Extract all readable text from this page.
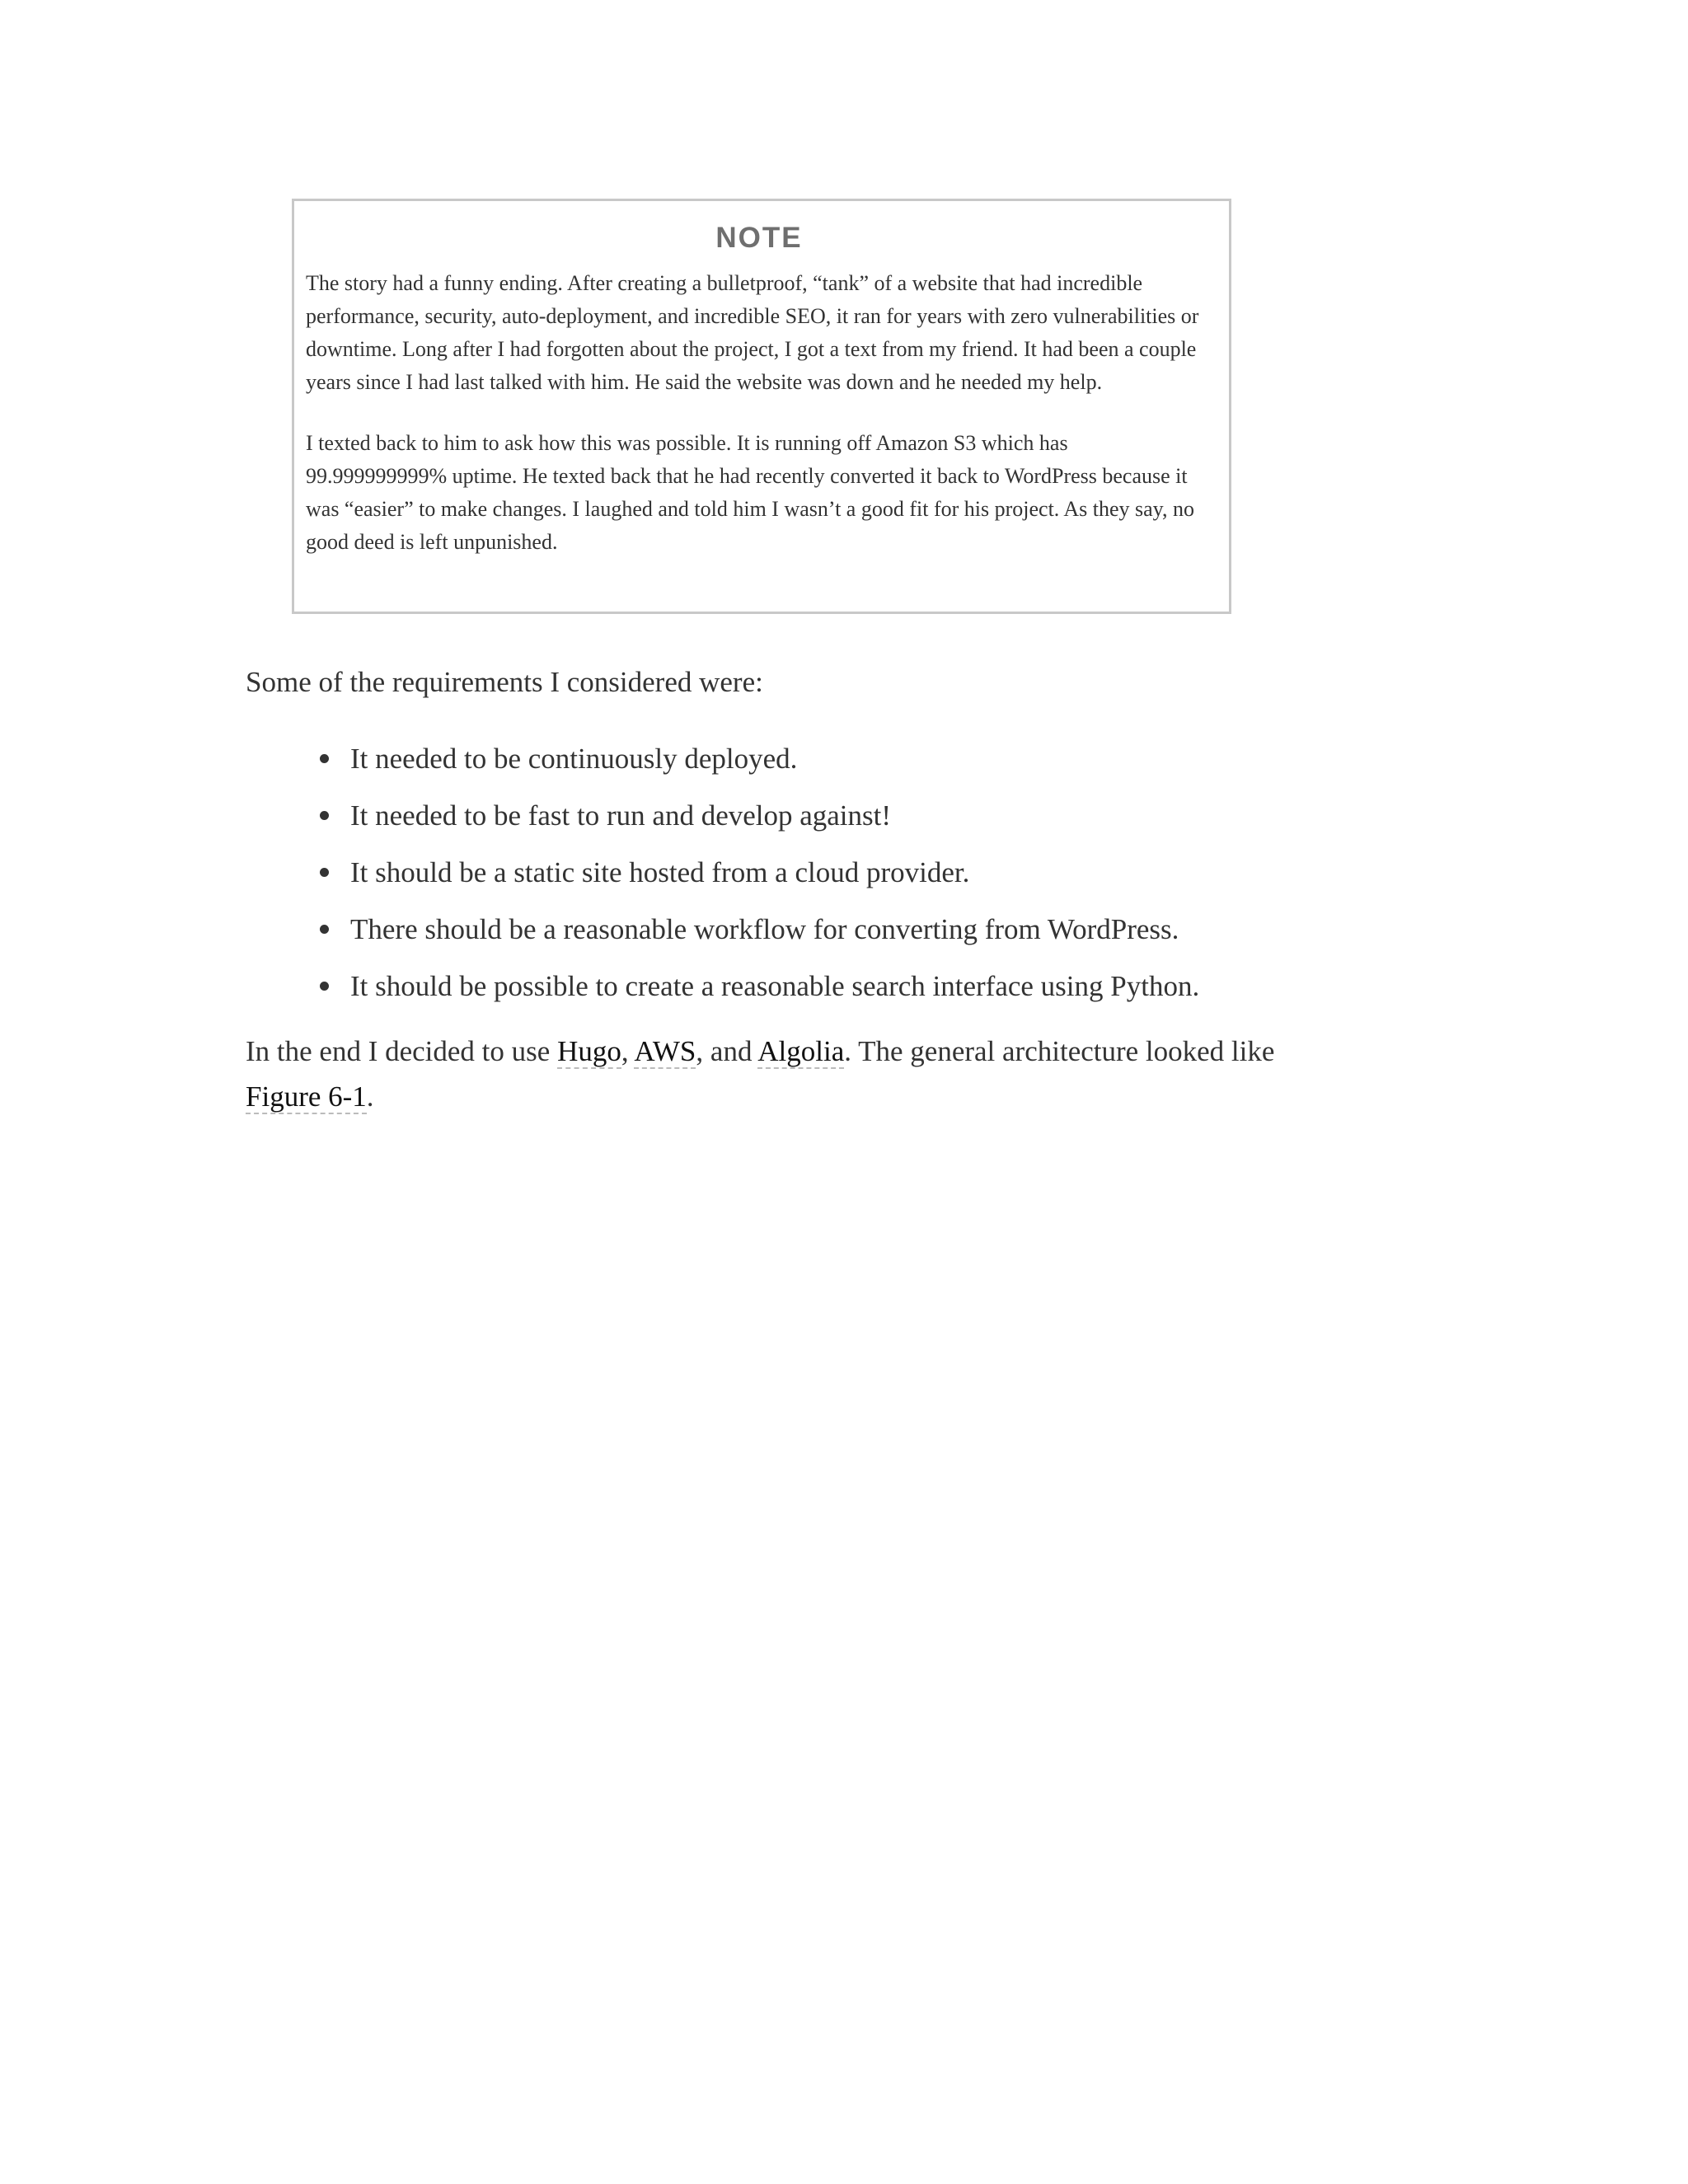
NOTE

The story had a funny ending. After creating a bulletproof, “tank” of a website that had incredible performance, security, auto-deployment, and incredible SEO, it ran for years with zero vulnerabilities or downtime. Long after I had forgotten about the project, I got a text from my friend. It had been a couple years since I had last talked with him. He said the website was down and he needed my help.

I texted back to him to ask how this was possible. It is running off Amazon S3 which has 99.999999999% uptime. He texted back that he had recently converted it back to WordPress because it was “easier” to make changes. I laughed and told him I wasn’t a good fit for his project. As they say, no good deed is left unpunished.

Some of the requirements I considered were:

It needed to be continuously deployed.
It needed to be fast to run and develop against!
It should be a static site hosted from a cloud provider.
There should be a reasonable workflow for converting from WordPress.
It should be possible to create a reasonable search interface using Python.

In the end I decided to use Hugo, AWS, and Algolia. The general architecture looked like Figure 6-1.
